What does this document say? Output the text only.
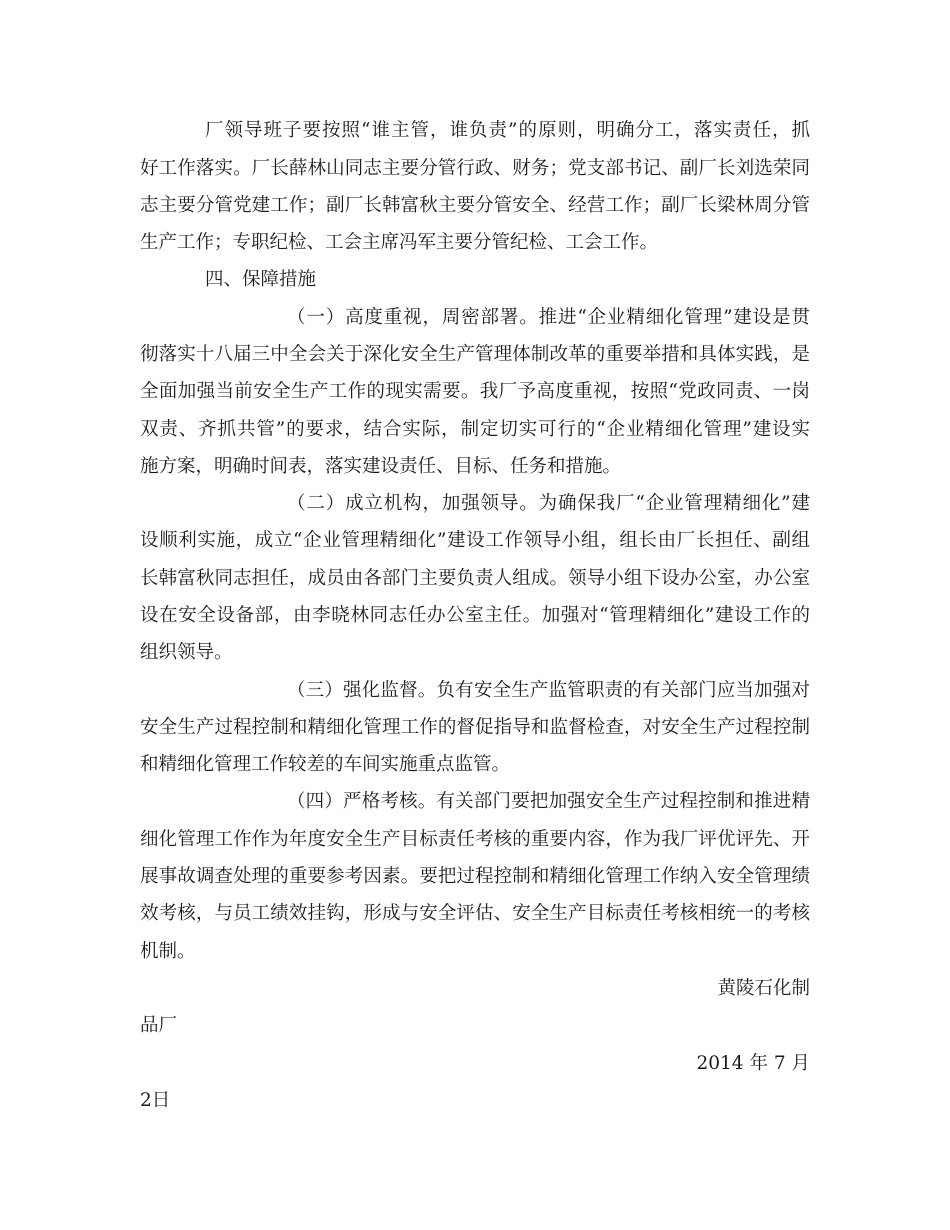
厂领导班子要按照“谁主管，谁负责”的原则，明确分工，落实责任，抓
好工作落实。厂长薛林山同志主要分管行政、财务；党支部书记、副厂长刘选荣同
志主要分管党建工作；副厂长韩富秋主要分管安全、经营工作；副厂长梁林周分管
生产工作；专职纪检、工会主席冯军主要分管纪检、工会工作。
四、保障措施
（一）高度重视，周密部署。推进“企业精细化管理”建设是贯
彻落实十八届三中全会关于深化安全生产管理体制改革的重要举措和具体实践，是
全面加强当前安全生产工作的现实需要。我厂予高度重视，按照“党政同责、一岗
双责、齐抓共管”的要求，结合实际，制定切实可行的“企业精细化管理”建设实
施方案，明确时间表，落实建设责任、目标、任务和措施。
（二）成立机构，加强领导。为确保我厂“企业管理精细化”建
设顺利实施，成立“企业管理精细化”建设工作领导小组，组长由厂长担任、副组
长韩富秋同志担任，成员由各部门主要负责人组成。领导小组下设办公室，办公室
设在安全设备部，由李晓林同志任办公室主任。加强对“管理精细化”建设工作的
组织领导。
（三）强化监督。负有安全生产监管职责的有关部门应当加强对
安全生产过程控制和精细化管理工作的督促指导和监督检查，对安全生产过程控制
和精细化管理工作较差的车间实施重点监管。
（四）严格考核。有关部门要把加强安全生产过程控制和推进精
细化管理工作作为年度安全生产目标责任考核的重要内容，作为我厂评优评先、开
展事故调查处理的重要参考因素。要把过程控制和精细化管理工作纳入安全管理绩
效考核，与员工绩效挂钩，形成与安全评估、安全生产目标责任考核相统一的考核
机制。
黄陵石化制
品厂
2014 年 7 月
2日
